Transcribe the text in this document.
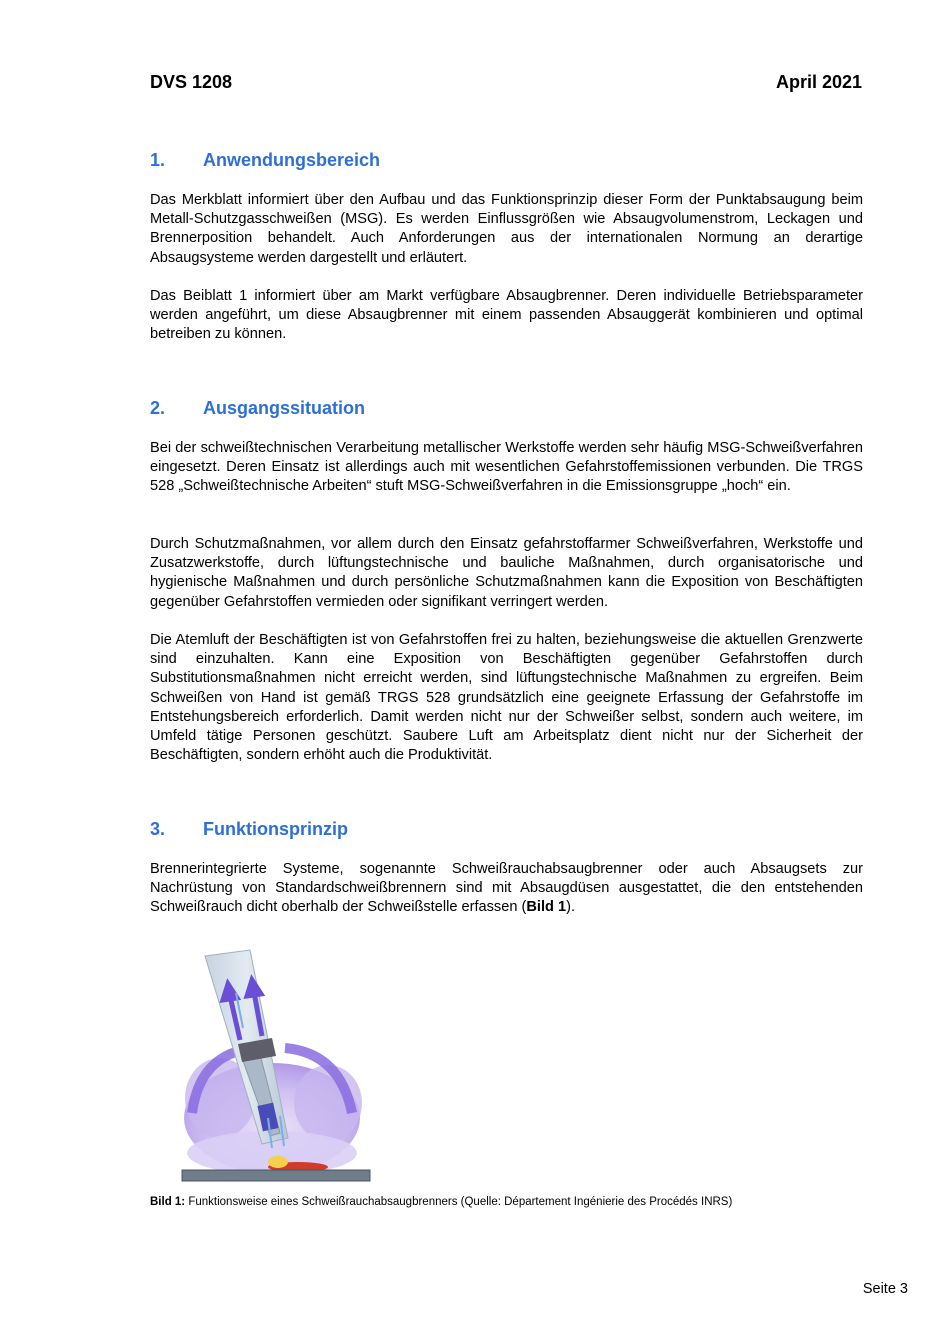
DVS 1208	April 2021
1.	Anwendungsbereich

Das Merkblatt informiert über den Aufbau und das Funktionsprinzip dieser Form der Punktabsaugung beim Metall-Schutzgasschweißen (MSG). Es werden Einflussgrößen wie Absaugvolumenstrom, Leckagen und Brennerposition behandelt. Auch Anforderungen aus der internationalen Normung an derartige Absaugsysteme werden dargestellt und erläutert.

Das Beiblatt 1 informiert über am Markt verfügbare Absaugbrenner. Deren individuelle Betriebsparameter werden angeführt, um diese Absaugbrenner mit einem passenden Absauggerät kombinieren und optimal betreiben zu können.

2.	Ausgangssituation

Bei der schweißtechnischen Verarbeitung metallischer Werkstoffe werden sehr häufig MSG-Schweißverfahren eingesetzt. Deren Einsatz ist allerdings auch mit wesentlichen Gefahrstoffemissionen verbunden. Die TRGS 528 „Schweißtechnische Arbeiten“ stuft MSG-Schweißverfahren in die Emissionsgruppe „hoch“ ein.

Durch Schutzmaßnahmen, vor allem durch den Einsatz gefahrstoffarmer Schweißverfahren, Werkstoffe und Zusatzwerkstoffe, durch lüftungstechnische und bauliche Maßnahmen, durch organisatorische und hygienische Maßnahmen und durch persönliche Schutzmaßnahmen kann die Exposition von Beschäftigten gegenüber Gefahrstoffen vermieden oder signifikant verringert werden.

Die Atemluft der Beschäftigten ist von Gefahrstoffen frei zu halten, beziehungsweise die aktuellen Grenzwerte sind einzuhalten. Kann eine Exposition von Beschäftigten gegenüber Gefahrstoffen durch Substitutionsmaßnahmen nicht erreicht werden, sind lüftungstechnische Maßnahmen zu ergreifen. Beim Schweißen von Hand ist gemäß TRGS 528 grundsätzlich eine geeignete Erfassung der Gefahrstoffe im Entstehungsbereich erforderlich. Damit werden nicht nur der Schweißer selbst, sondern auch weitere, im Umfeld tätige Personen geschützt. Saubere Luft am Arbeitsplatz dient nicht nur der Sicherheit der Beschäftigten, sondern erhöht auch die Produktivität.

3.	Funktionsprinzip

Brennerintegrierte Systeme, sogenannte Schweißrauchabsaugbrenner oder auch Absaugsets zur Nachrüstung von Standardschweißbrennern sind mit Absaugdüsen ausgestattet, die den entstehenden Schweißrauch dicht oberhalb der Schweißstelle erfassen (Bild 1).

Bild 1: Funktionsweise eines Schweißrauchabsaugbrenners (Quelle: Département Ingénierie des Procédés INRS)
Seite 3
